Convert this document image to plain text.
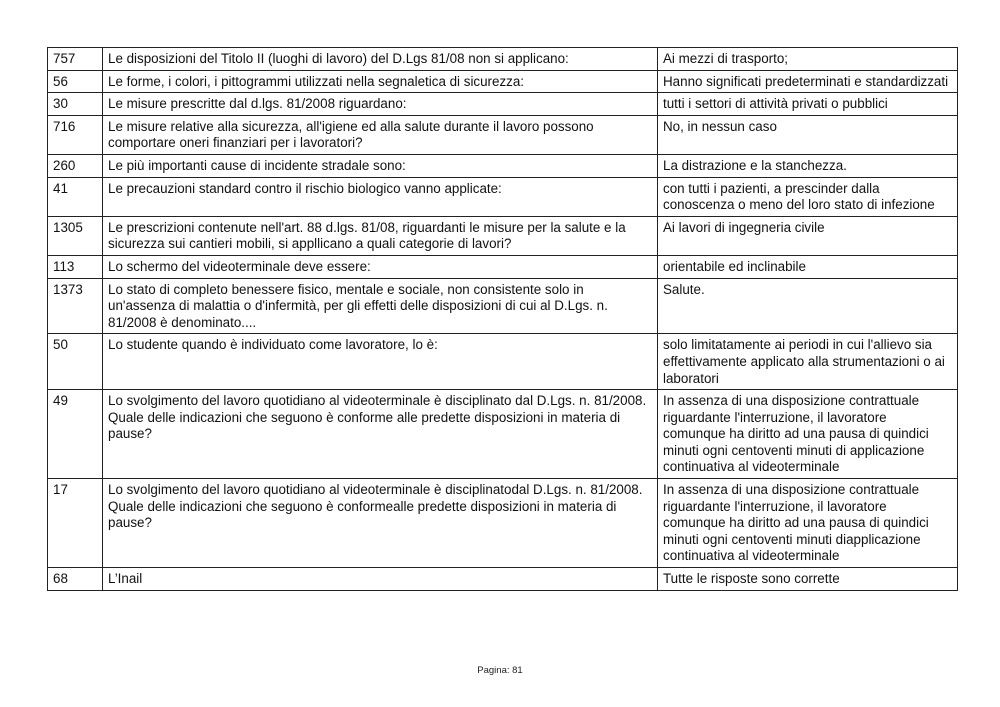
757	Le disposizioni del Titolo II (luoghi di lavoro) del D.Lgs 81/08 non si applicano:	Ai mezzi di trasporto;
56	Le forme, i colori, i pittogrammi utilizzati nella segnaletica di sicurezza:	Hanno significati predeterminati e standardizzati
30	Le misure prescritte dal d.lgs. 81/2008 riguardano:	tutti i settori di attività privati o pubblici
716	Le misure relative alla sicurezza, all'igiene ed alla salute durante il lavoro possono comportare oneri finanziari per i lavoratori?	No, in nessun caso
260	Le più importanti cause di incidente stradale sono:	La distrazione e la stanchezza.
41	Le precauzioni standard contro il rischio biologico vanno applicate:	con tutti i pazienti, a prescinder dalla conoscenza o meno del loro stato di infezione
1305	Le prescrizioni contenute nell'art. 88 d.lgs. 81/08, riguardanti le misure per la salute e la sicurezza sui cantieri mobili, si appllicano a quali categorie di lavori?	Ai lavori di ingegneria civile
113	Lo schermo del videoterminale deve essere:	orientabile ed inclinabile
1373	Lo stato di completo benessere fisico, mentale e sociale, non consistente solo in un'assenza di malattia o d'infermità, per gli effetti delle disposizioni di cui al D.Lgs. n. 81/2008 è denominato....	Salute.
50	Lo studente quando è individuato come lavoratore, lo è:	solo limitatamente ai periodi in cui l'allievo sia effettivamente applicato alla strumentazioni o ai laboratori
49	Lo svolgimento del lavoro quotidiano al videoterminale è disciplinato dal D.Lgs. n. 81/2008. Quale delle indicazioni che seguono è conforme alle predette disposizioni in materia di pause?	In assenza di una disposizione contrattuale riguardante l'interruzione, il lavoratore comunque ha diritto ad una pausa di quindici minuti ogni centoventi minuti di applicazione continuativa al videoterminale
17	Lo svolgimento del lavoro quotidiano al videoterminale è disciplinatodal D.Lgs. n. 81/2008. Quale delle indicazioni che seguono è conformealle predette disposizioni in materia di pause?	In assenza di una disposizione contrattuale riguardante l'interruzione, il lavoratore comunque ha diritto ad una pausa di quindici minuti ogni centoventi minuti diapplicazione continuativa al videoterminale
68	L’Inail	Tutte le risposte sono corrette
Pagina: 81
